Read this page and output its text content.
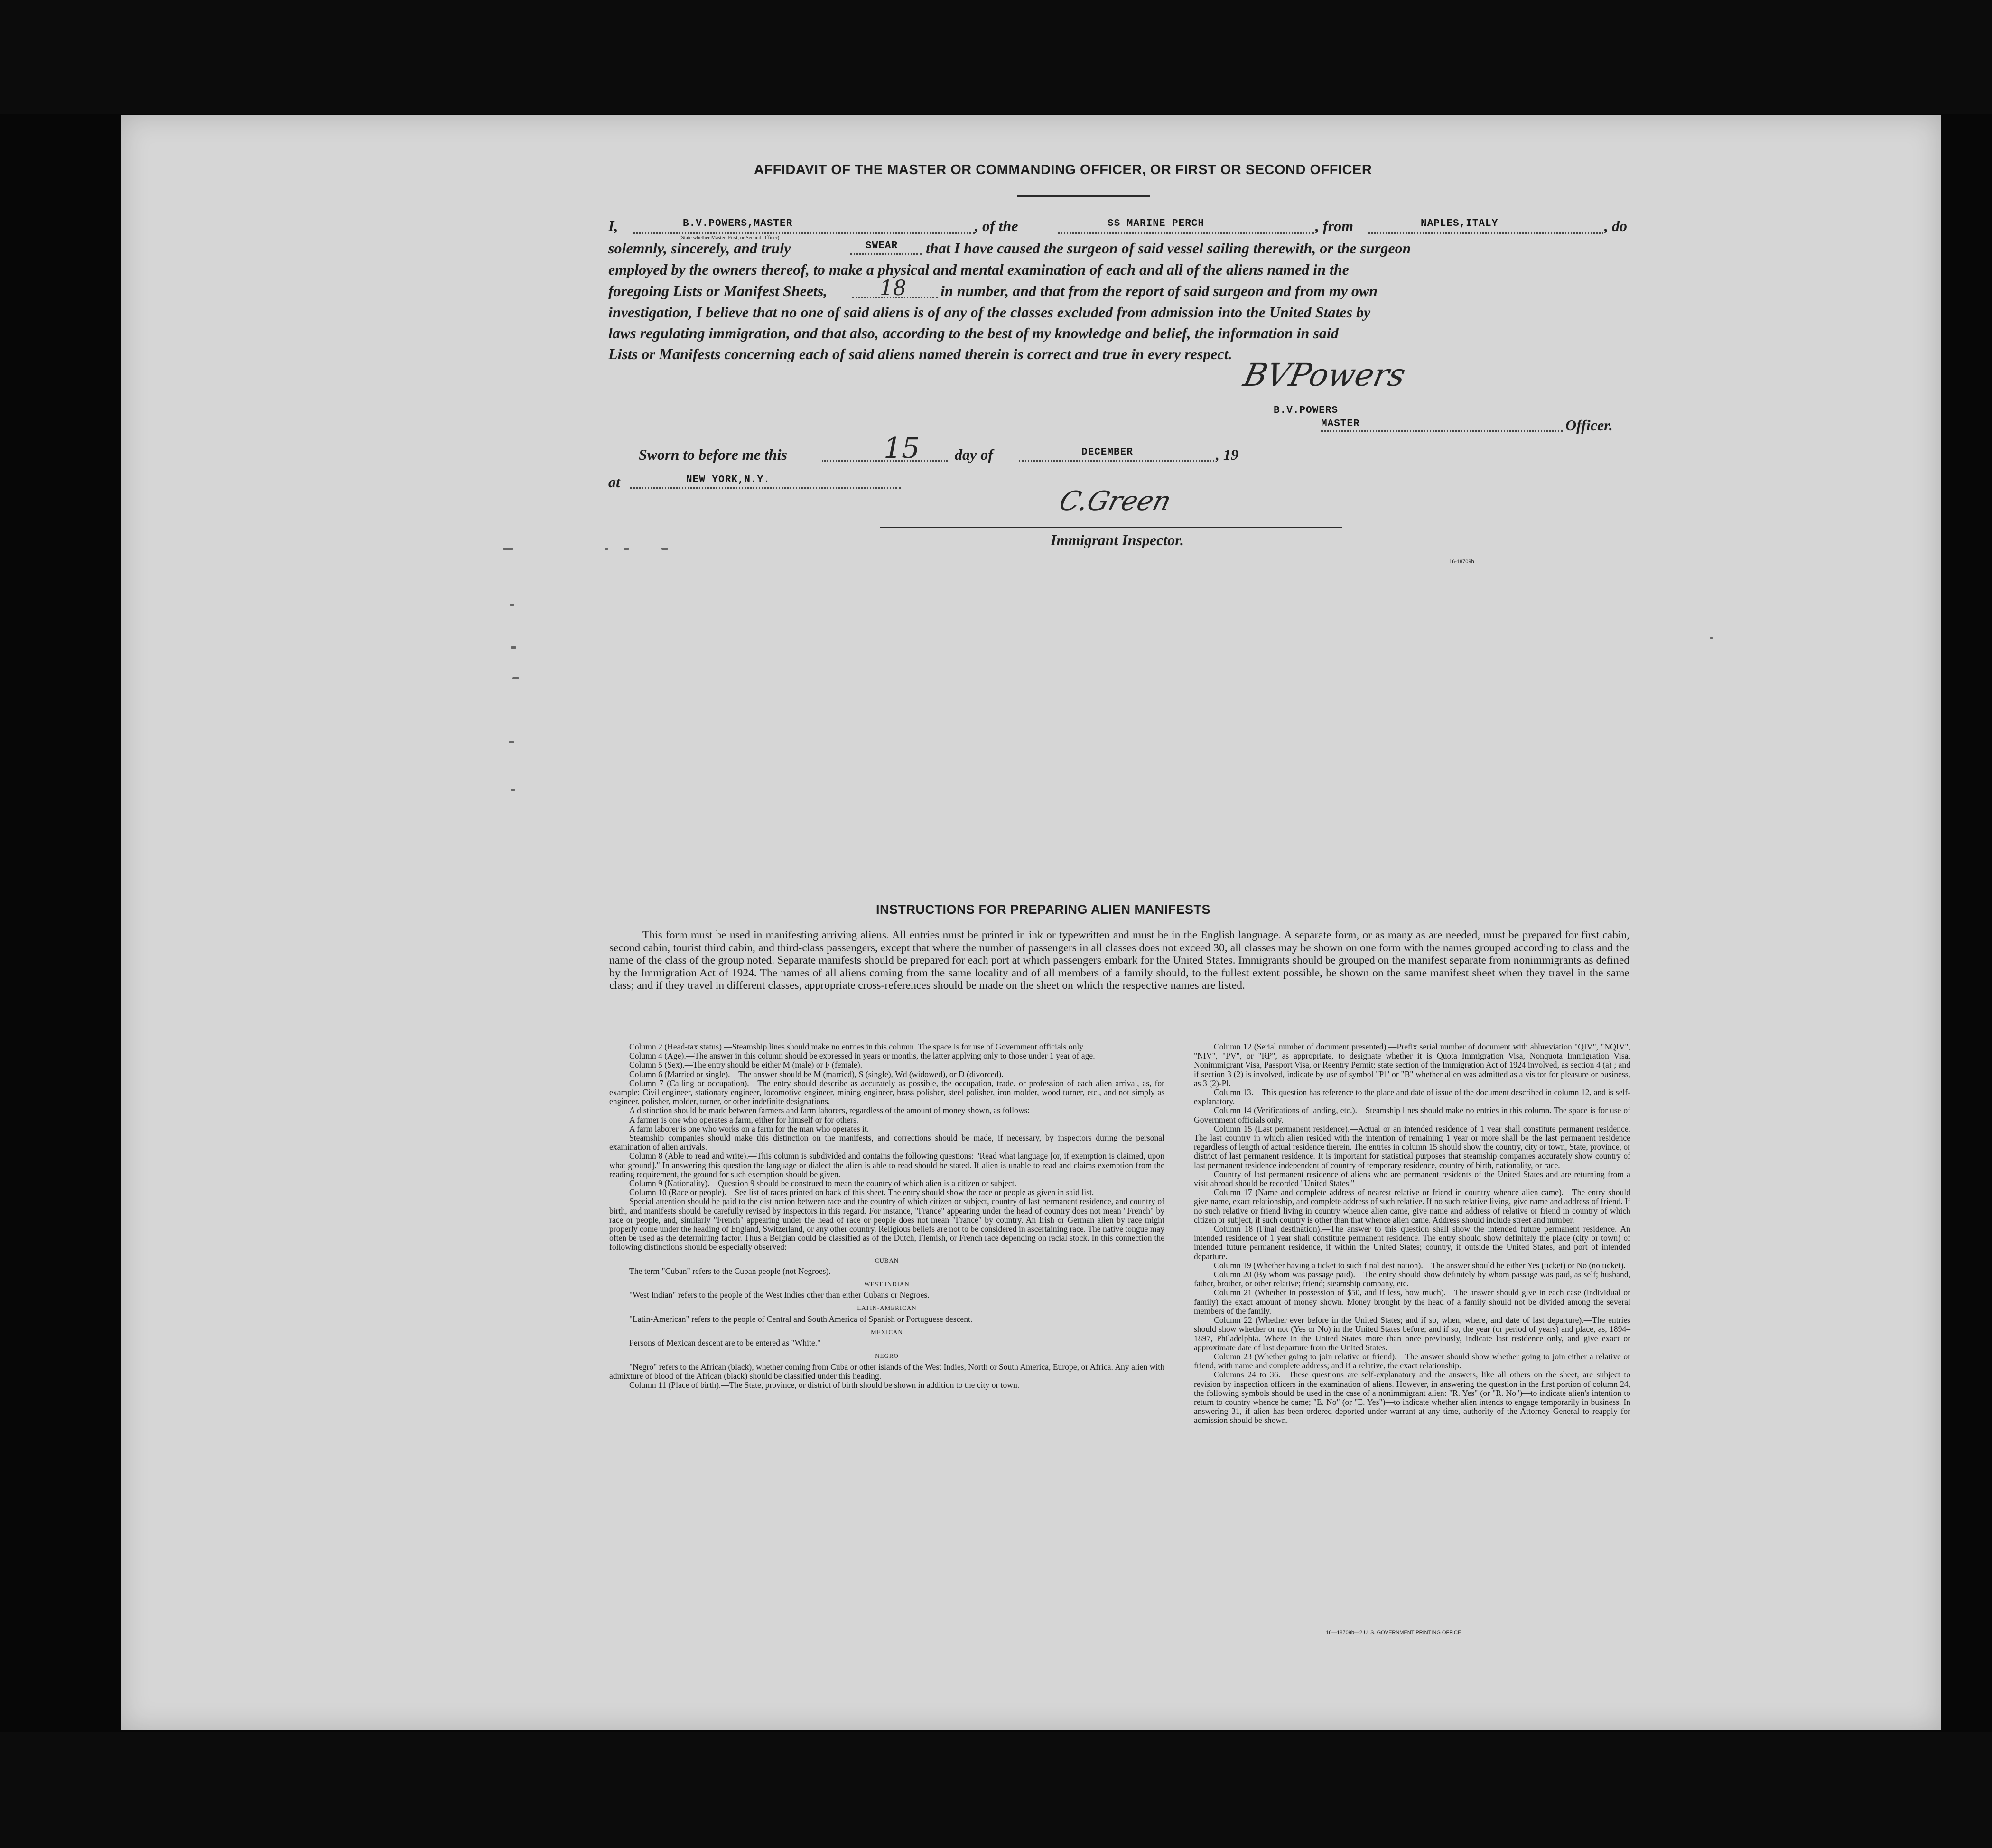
AFFIDAVIT OF THE MASTER OR COMMANDING OFFICER, OR FIRST OR SECOND OFFICER
I,	B.V.POWERS,MASTER
(State whether Master, First, or Second Officer)
, of the	SS MARINE PERCH	, from	NAPLES,ITALY	, do
solemnly, sincerely, and truly	SWEAR that I have caused the surgeon of said vessel sailing therewith, or the surgeon
employed by the owners thereof, to make a physical and mental examination of each and all of the aliens named in the
foregoing Lists or Manifest Sheets,	18 in number, and that from the report of said surgeon and from my own
investigation, I believe that no one of said aliens is of any of the classes excluded from admission into the United States by
laws regulating immigration, and that also, according to the best of my knowledge and belief, the information in said
Lists or Manifests concerning each of said aliens named therein is correct and true in every respect.
BVPowers
B.V.POWERS
MASTER	Officer.
Sworn to before me this	15 day of	DECEMBER	, 19
at	NEW YORK,N.Y.
C.Green
Immigrant Inspector.
16-18709b
INSTRUCTIONS FOR PREPARING ALIEN MANIFESTS

This form must be used in manifesting arriving aliens. All entries must be printed in ink or typewritten and must be in the English language. A separate form, or as many as are needed, must be prepared for first cabin, second cabin, tourist third cabin, and third-class passengers, except that where the number of passengers in all classes does not exceed 30, all classes may be shown on one form with the names grouped according to class and the name of the class of the group noted. Separate manifests should be prepared for each port at which passengers embark for the United States. Immigrants should be grouped on the manifest separate from nonimmigrants as defined by the Immigration Act of 1924. The names of all aliens coming from the same locality and of all members of a family should, to the fullest extent possible, be shown on the same manifest sheet when they travel in the same class; and if they travel in different classes, appropriate cross-references should be made on the sheet on which the respective names are listed.

Column 2 (Head-tax status).—Steamship lines should make no entries in this column. The space is for use of Government officials only.

Column 4 (Age).—The answer in this column should be expressed in years or months, the latter applying only to those under 1 year of age.

Column 5 (Sex).—The entry should be either M (male) or F (female).

Column 6 (Married or single).—The answer should be M (married), S (single), Wd (widowed), or D (divorced).

Column 7 (Calling or occupation).—The entry should describe as accurately as possible, the occupation, trade, or profession of each alien arrival, as, for example: Civil engineer, stationary engineer, locomotive engineer, mining engineer, brass polisher, steel polisher, iron molder, wood turner, etc., and not simply as engineer, polisher, molder, turner, or other indefinite designations.

A distinction should be made between farmers and farm laborers, regardless of the amount of money shown, as follows:

A farmer is one who operates a farm, either for himself or for others.

A farm laborer is one who works on a farm for the man who operates it.

Steamship companies should make this distinction on the manifests, and corrections should be made, if necessary, by inspectors during the personal examination of alien arrivals.

Column 8 (Able to read and write).—This column is subdivided and contains the following questions: "Read what language [or, if exemption is claimed, upon what ground]." In answering this question the language or dialect the alien is able to read should be stated. If alien is unable to read and claims exemption from the reading requirement, the ground for such exemption should be given.

Column 9 (Nationality).—Question 9 should be construed to mean the country of which alien is a citizen or subject.

Column 10 (Race or people).—See list of races printed on back of this sheet. The entry should show the race or people as given in said list.

Special attention should be paid to the distinction between race and the country of which citizen or subject, country of last permanent residence, and country of birth, and manifests should be carefully revised by inspectors in this regard. For instance, "France" appearing under the head of country does not mean "French" by race or people, and, similarly "French" appearing under the head of race or people does not mean "France" by country. An Irish or German alien by race might properly come under the heading of England, Switzerland, or any other country. Religious beliefs are not to be considered in ascertaining race. The native tongue may often be used as the determining factor. Thus a Belgian could be classified as of the Dutch, Flemish, or French race depending on racial stock. In this connection the following distinctions should be especially observed:

CUBAN

The term "Cuban" refers to the Cuban people (not Negroes).

WEST INDIAN

"West Indian" refers to the people of the West Indies other than either Cubans or Negroes.

LATIN-AMERICAN

"Latin-American" refers to the people of Central and South America of Spanish or Portuguese descent.

MEXICAN

Persons of Mexican descent are to be entered as "White."

NEGRO

"Negro" refers to the African (black), whether coming from Cuba or other islands of the West Indies, North or South America, Europe, or Africa. Any alien with admixture of blood of the African (black) should be classified under this heading.

Column 11 (Place of birth).—The State, province, or district of birth should be shown in addition to the city or town.

Column 12 (Serial number of document presented).—Prefix serial number of document with abbreviation "QIV", "NQIV", "NIV", "PV", or "RP", as appropriate, to designate whether it is Quota Immigration Visa, Nonquota Immigration Visa, Nonimmigrant Visa, Passport Visa, or Reentry Permit; state section of the Immigration Act of 1924 involved, as section 4 (a) ; and if section 3 (2) is involved, indicate by use of symbol "Pl" or "B" whether alien was admitted as a visitor for pleasure or business, as 3 (2)-Pl.

Column 13.—This question has reference to the place and date of issue of the document described in column 12, and is self-explanatory.

Column 14 (Verifications of landing, etc.).—Steamship lines should make no entries in this column. The space is for use of Government officials only.

Column 15 (Last permanent residence).—Actual or an intended residence of 1 year shall constitute permanent residence. The last country in which alien resided with the intention of remaining 1 year or more shall be the last permanent residence regardless of length of actual residence therein. The entries in column 15 should show the country, city or town, State, province, or district of last permanent residence. It is important for statistical purposes that steamship companies accurately show country of last permanent residence independent of country of temporary residence, country of birth, nationality, or race.

Country of last permanent residence of aliens who are permanent residents of the United States and are returning from a visit abroad should be recorded "United States."

Column 17 (Name and complete address of nearest relative or friend in country whence alien came).—The entry should give name, exact relationship, and complete address of such relative. If no such relative living, give name and address of friend. If no such relative or friend living in country whence alien came, give name and address of relative or friend in country of which citizen or subject, if such country is other than that whence alien came. Address should include street and number.

Column 18 (Final destination).—The answer to this question shall show the intended future permanent residence. An intended residence of 1 year shall constitute permanent residence. The entry should show definitely the place (city or town) of intended future permanent residence, if within the United States; country, if outside the United States, and port of intended departure.

Column 19 (Whether having a ticket to such final destination).—The answer should be either Yes (ticket) or No (no ticket).

Column 20 (By whom was passage paid).—The entry should show definitely by whom passage was paid, as self; husband, father, brother, or other relative; friend; steamship company, etc.

Column 21 (Whether in possession of $50, and if less, how much).—The answer should give in each case (individual or family) the exact amount of money shown. Money brought by the head of a family should not be divided among the several members of the family.

Column 22 (Whether ever before in the United States; and if so, when, where, and date of last departure).—The entries should show whether or not (Yes or No) in the United States before; and if so, the year (or period of years) and place, as, 1894–1897, Philadelphia. Where in the United States more than once previously, indicate last residence only, and give exact or approximate date of last departure from the United States.

Column 23 (Whether going to join relative or friend).—The answer should show whether going to join either a relative or friend, with name and complete address; and if a relative, the exact relationship.

Columns 24 to 36.—These questions are self-explanatory and the answers, like all others on the sheet, are subject to revision by inspection officers in the examination of aliens. However, in answering the question in the first portion of column 24, the following symbols should be used in the case of a nonimmigrant alien: "R. Yes" (or "R. No")—to indicate alien's intention to return to country whence he came; "E. No" (or "E. Yes")—to indicate whether alien intends to engage temporarily in business. In answering 31, if alien has been ordered deported under warrant at any time, authority of the Attorney General to reapply for admission should be shown.

16—18709b—2 U. S. GOVERNMENT PRINTING OFFICE
